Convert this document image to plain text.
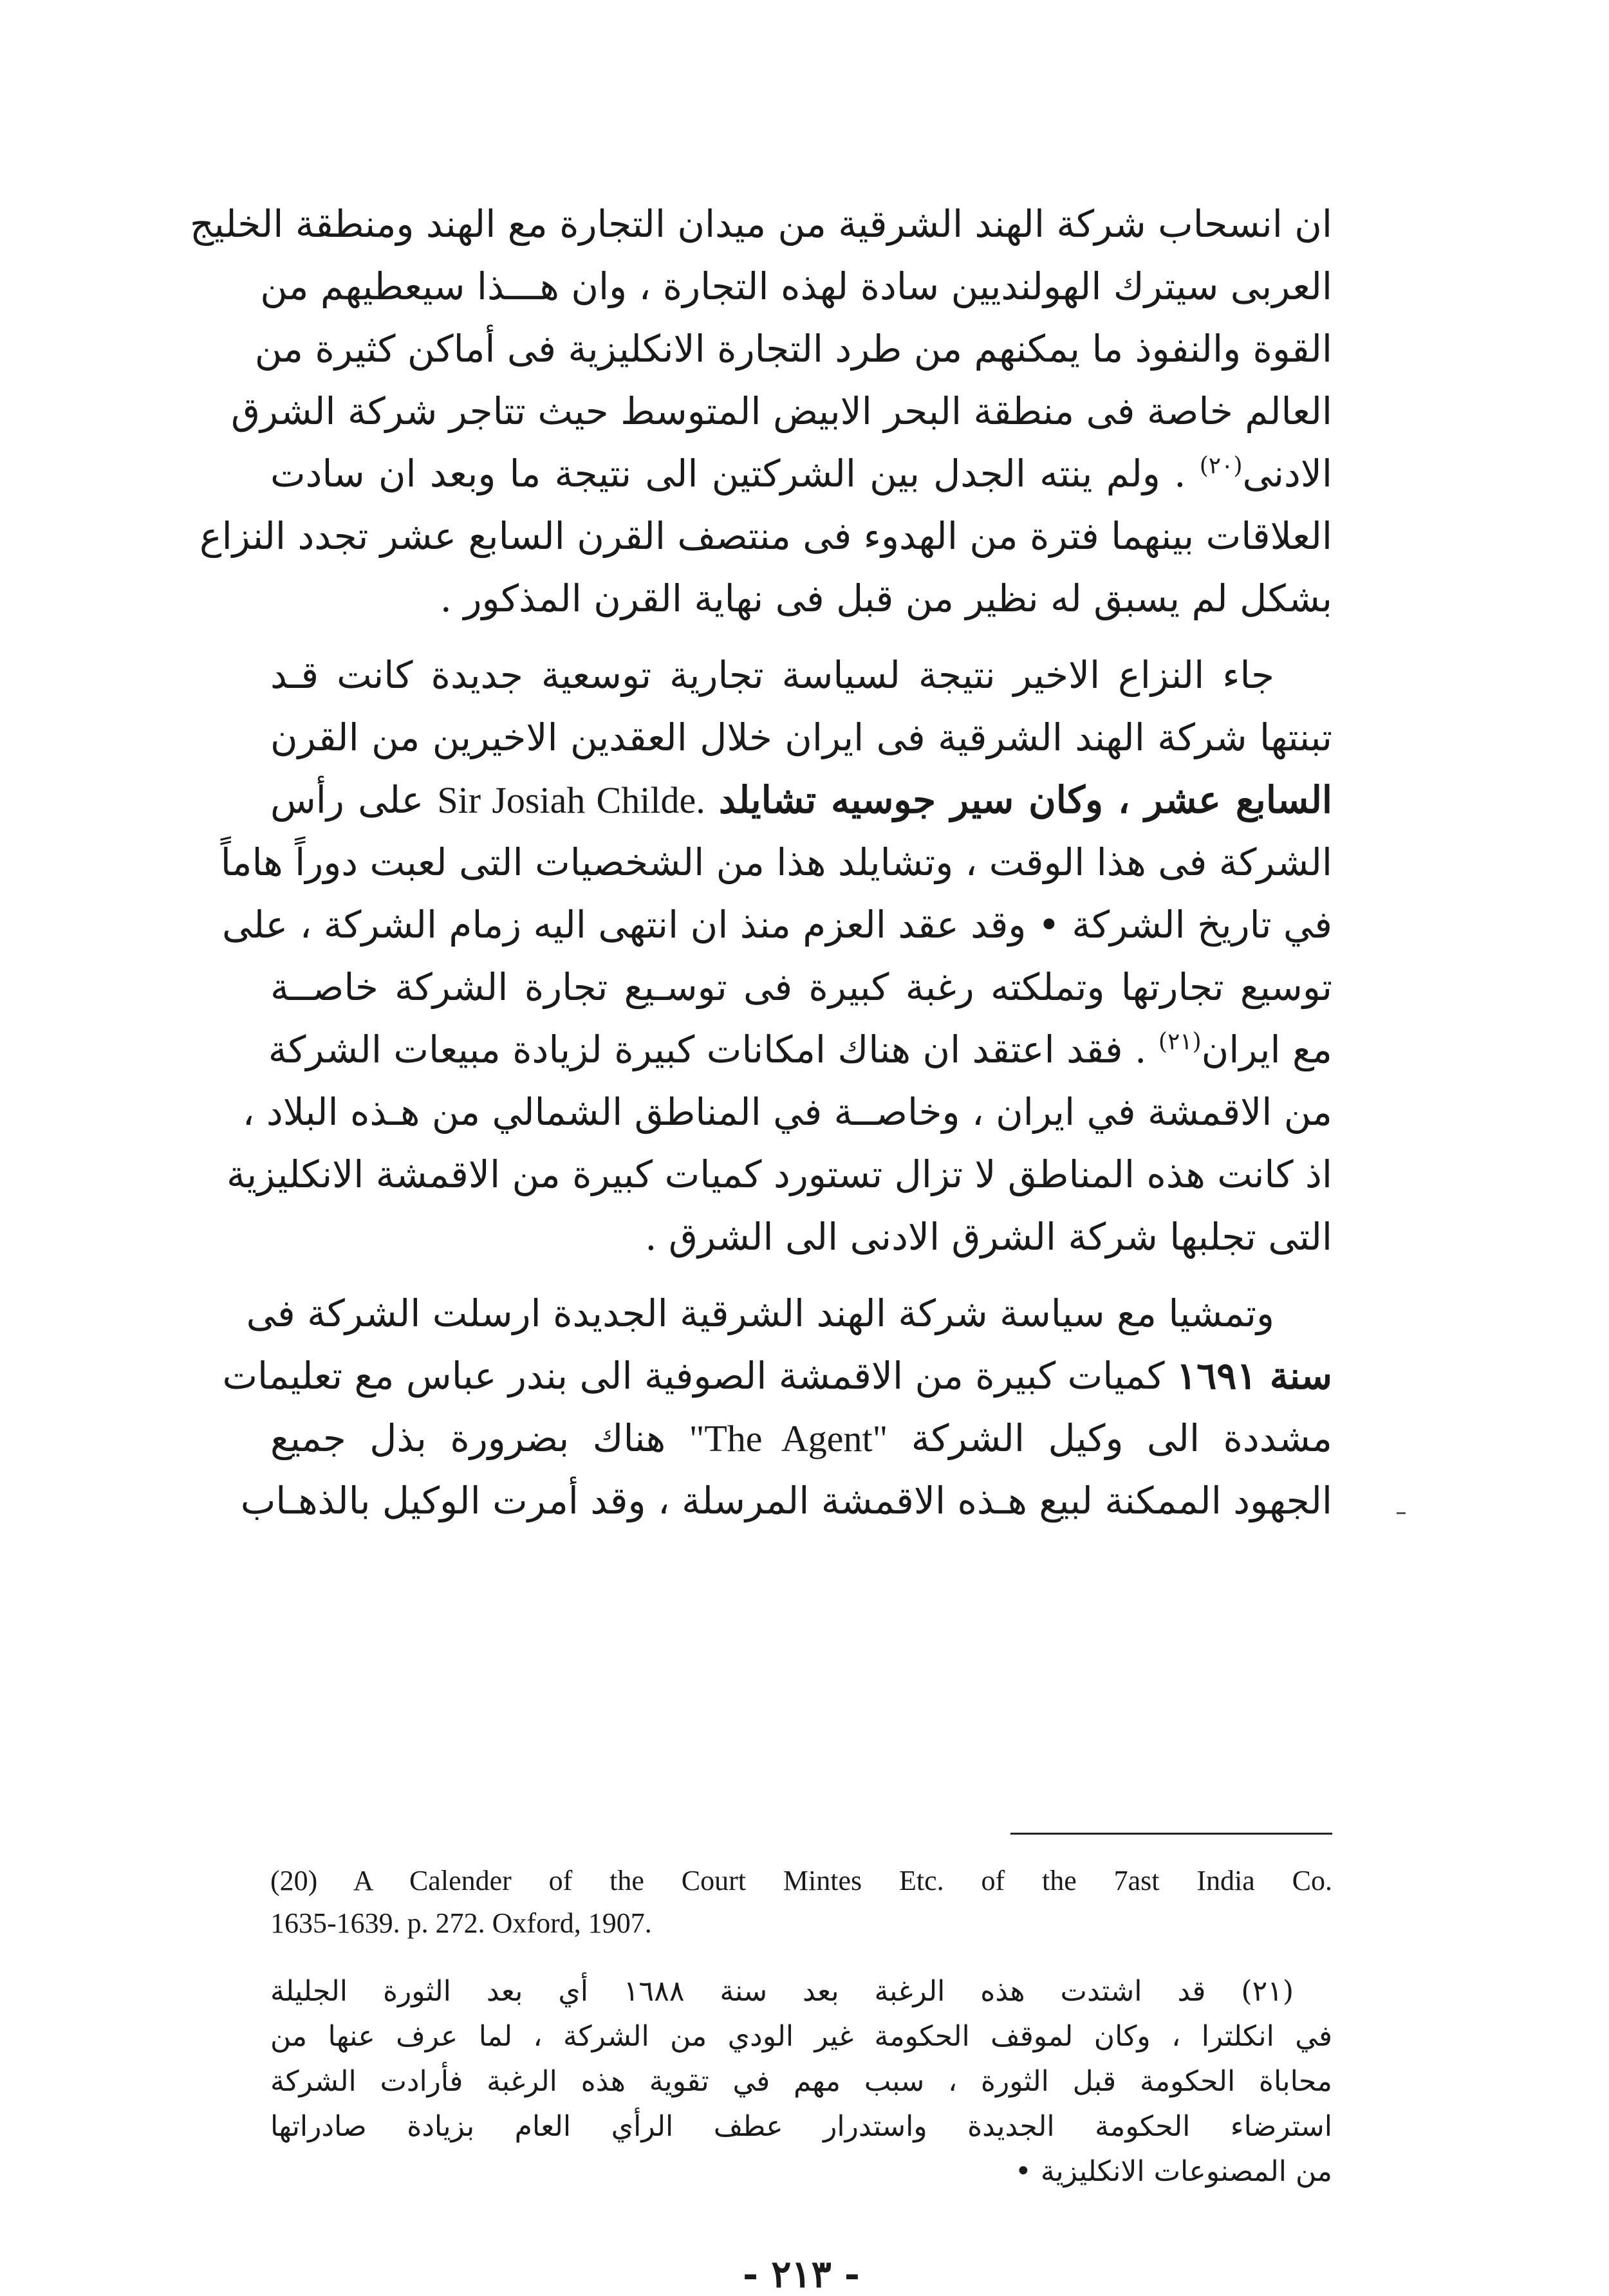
ان انسحاب شركة الهند الشرقية من ميدان التجارة مع الهند ومنطقة الخليج
العربى سيترك الهولنديين سادة لهذه التجارة ، وان هـــذا سيعطيهم من
القوة والنفوذ ما يمكنهم من طرد التجارة الانكليزية فى أماكن كثيرة من
العالم خاصة فى منطقة البحر الابيض المتوسط حيث تتاجر شركة الشرق
الادنى$^{(٢٠)}$ . ولم ينته الجدل بين الشركتين الى نتيجة ما وبعد ان سادت
العلاقات بينهما فترة من الهدوء فى منتصف القرن السابع عشر تجدد النزاع
بشكل لم يسبق له نظير من قبل فى نهاية القرن المذكور .

جاء النزاع الاخير نتيجة لسياسة تجارية توسعية جديدة كانت قـد
تبنتها شركة الهند الشرقية فى ايران خلال العقدين الاخيرين من القرن
السابع عشر ، وكان سير جوسيه تشايلد Sir Josiah Childe. على رأس
الشركة فى هذا الوقت ، وتشايلد هذا من الشخصيات التى لعبت دوراً هاماً
في تاريخ الشركة • وقد عقد العزم منذ ان انتهى اليه زمام الشركة ، على
توسيع تجارتها وتملكته رغبة كبيرة فى توسـيع تجارة الشركة خاصــة
مع ايران$^{(٢١)}$ . فقد اعتقد ان هناك امكانات كبيرة لزيادة مبيعات الشركة
من الاقمشة في ايران ، وخاصــة في المناطق الشمالي من هـذه البلاد ،
اذ كانت هذه المناطق لا تزال تستورد كميات كبيرة من الاقمشة الانكليزية
التى تجلبها شركة الشرق الادنى الى الشرق .

وتمشيا مع سياسة شركة الهند الشرقية الجديدة ارسلت الشركة فى
سنة ١٦٩١ كميات كبيرة من الاقمشة الصوفية الى بندر عباس مع تعليمات
مشددة الى وكيل الشركة "The Agent" هناك بضرورة بذل جميع
الجهود الممكنة لبيع هـذه الاقمشة المرسلة ، وقد أمرت الوكيل بالذهـاب

(20) A Calender of the Court Mintes Etc. of the 7ast India Co.
1635-1639. p. 272. Oxford, 1907.
(٢١) قد اشتدت هذه الرغبة بعد سنة ١٦٨٨ أي بعد الثورة الجليلة
في انكلترا ، وكان لموقف الحكومة غير الودي من الشركة ، لما عرف عنها من
محاباة الحكومة قبل الثورة ، سبب مهم في تقوية هذه الرغبة فأرادت الشركة
استرضاء الحكومة الجديدة واستدرار عطف الرأي العام بزيادة صادراتها
من المصنوعات الانكليزية •
- ٢١٣ -
